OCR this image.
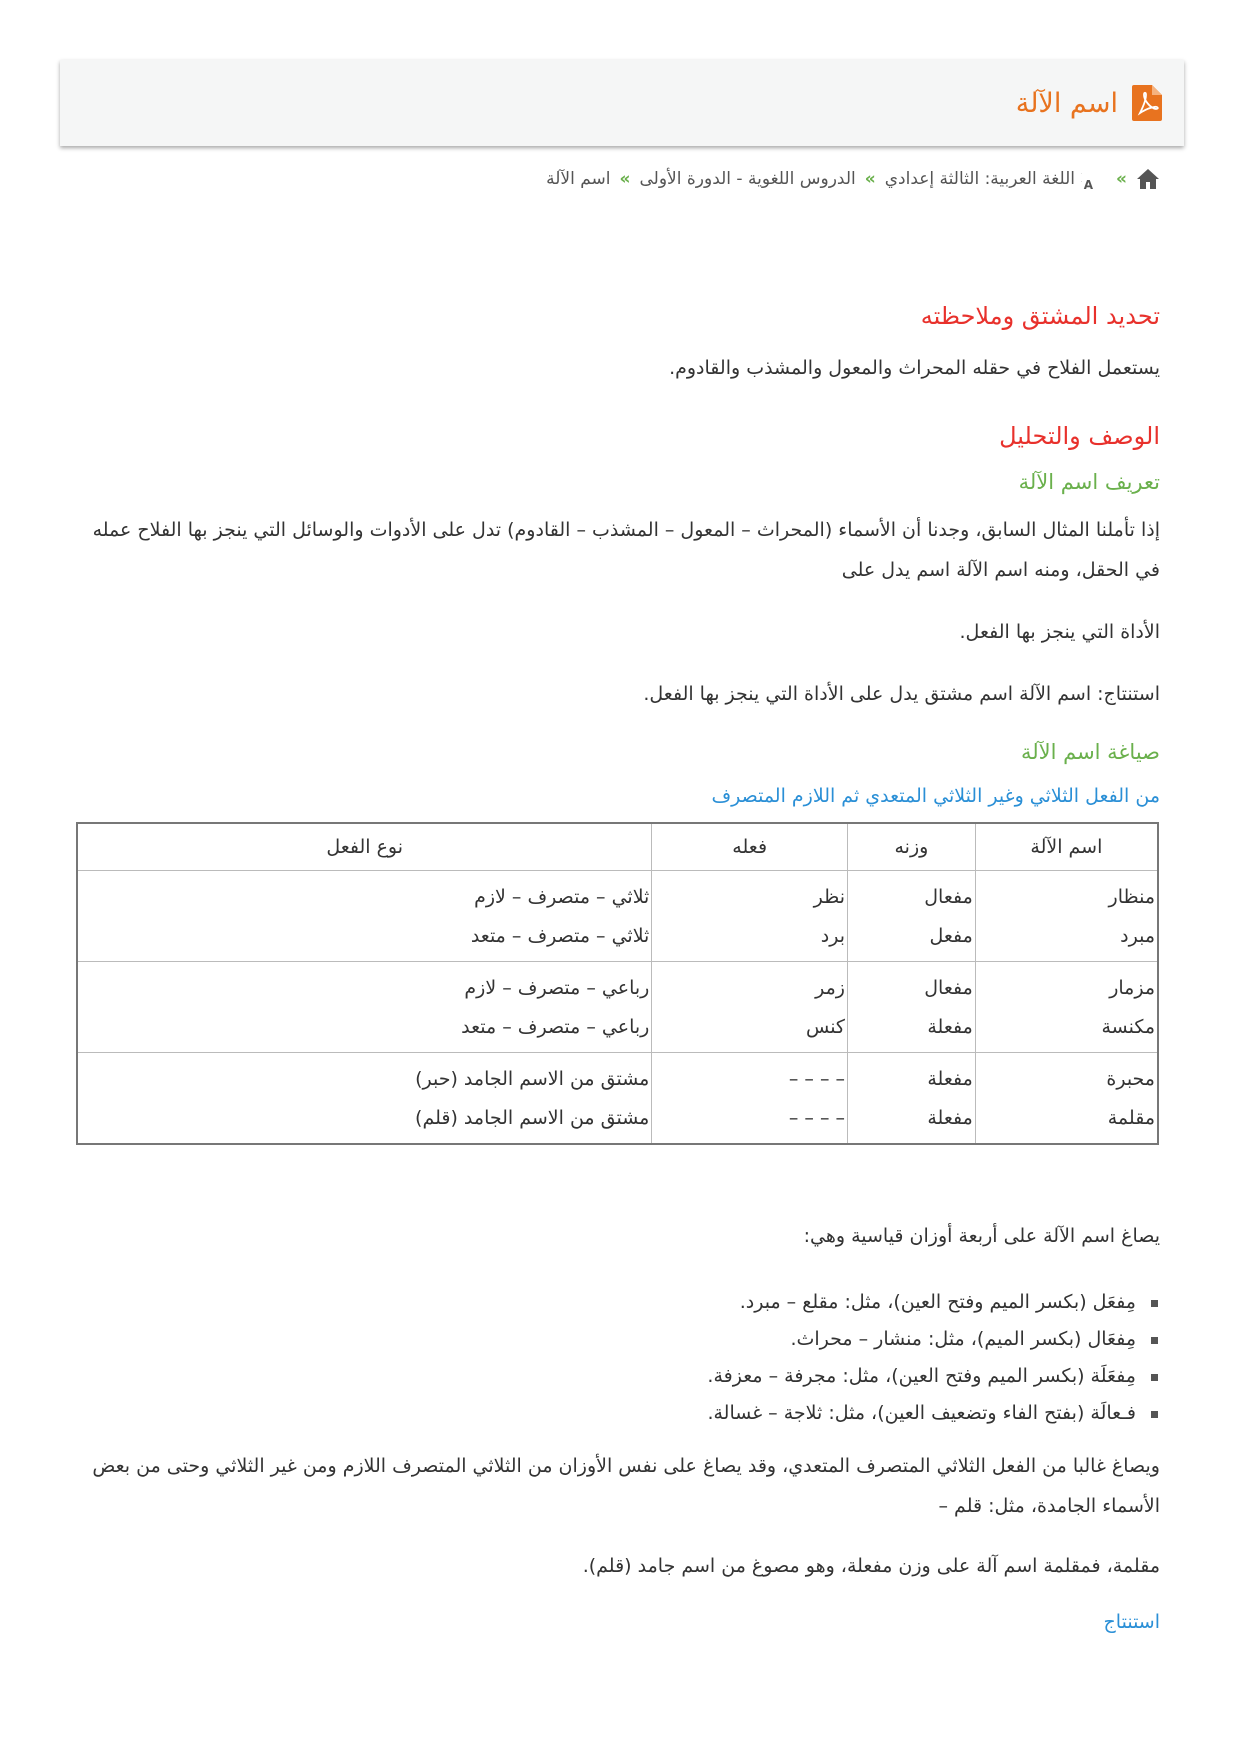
اسم الآلة
»
A
اللغة العربية: الثالثة إعدادي
»
الدروس اللغوية - الدورة الأولى
»
اسم الآلة
تحديد المشتق وملاحظته

يستعمل الفلاح في حقله المحراث والمعول والمشذب والقادوم.

الوصف والتحليل
تعريف اسم الآلة

إذا تأملنا المثال السابق، وجدنا أن الأسماء (المحراث – المعول – المشذب – القادوم) تدل على الأدوات والوسائل التي ينجز بها الفلاح عمله في الحقل، ومنه اسم الآلة اسم يدل على

الأداة التي ينجز بها الفعل.

استنتاج: اسم الآلة اسم مشتق يدل على الأداة التي ينجز بها الفعل.

صياغة اسم الآلة
من الفعل الثلاثي وغير الثلاثي المتعدي ثم اللازم المتصرف
اسم الآلة	وزنه	فعله	نوع الفعل
منظار	مفعال	نظر	ثلاثي – متصرف – لازم
مبرد	مفعل	برد	ثلاثي – متصرف – متعد
مزمار	مفعال	زمر	رباعي – متصرف – لازم
مكنسة	مفعلة	كنس	رباعي – متصرف – متعد
محبرة	مفعلة	– – – –	مشتق من الاسم الجامد (حبر)
مقلمة	مفعلة	– – – –	مشتق من الاسم الجامد (قلم)

يصاغ اسم الآلة على أربعة أوزان قياسية وهي:

مِفعَل (بكسر الميم وفتح العين)، مثل: مقلع – مبرد.
مِفعَال (بكسر الميم)، مثل: منشار – محراث.
مِفعَلَة (بكسر الميم وفتح العين)، مثل: مجرفة – معزفة.
فـعالَة (بفتح الفاء وتضعيف العين)، مثل: ثلاجة – غسالة.

ويصاغ غالبا من الفعل الثلاثي المتصرف المتعدي، وقد يصاغ على نفس الأوزان من الثلاثي المتصرف اللازم ومن غير الثلاثي وحتى من بعض الأسماء الجامدة، مثل: قلم –

مقلمة، فمقلمة اسم آلة على وزن مفعلة، وهو مصوغ من اسم جامد (قلم).

استنتاج
